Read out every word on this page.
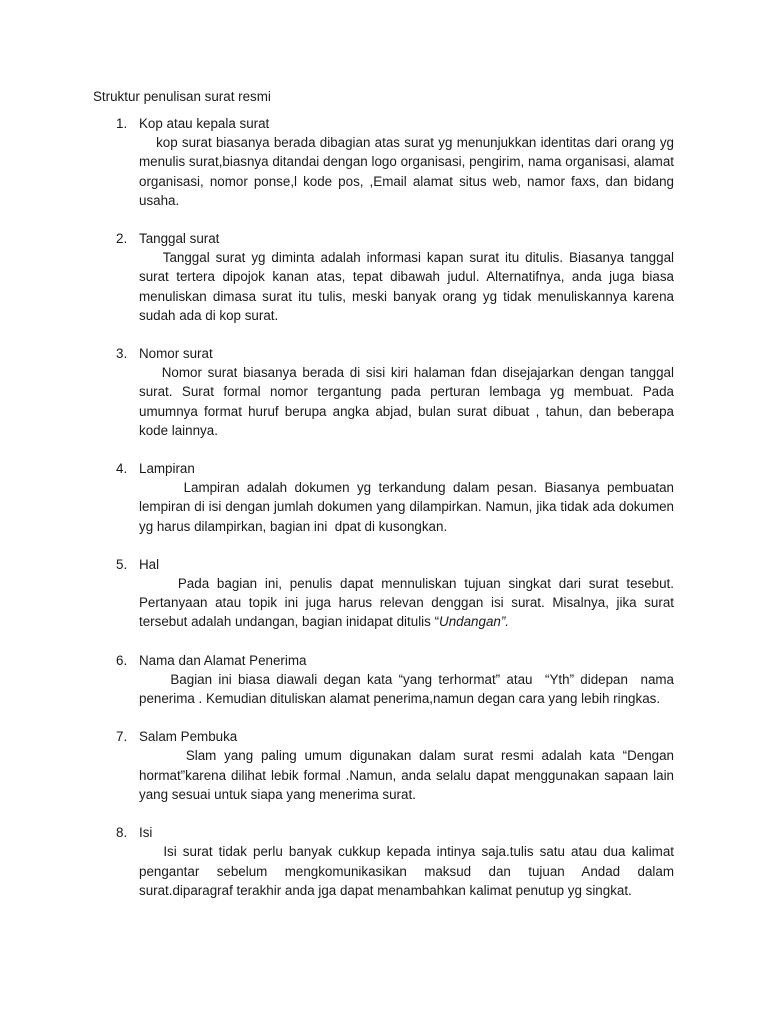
Struktur penulisan surat resmi
1. Kop atau kepala surat
kop surat biasanya berada dibagian atas surat yg menunjukkan identitas dari orang yg menulis surat,biasnya ditandai dengan logo organisasi, pengirim, nama organisasi, alamat organisasi, nomor ponse,l kode pos, ,Email alamat situs web, namor faxs, dan bidang usaha.
2. Tanggal surat
Tanggal surat yg diminta adalah informasi kapan surat itu ditulis. Biasanya tanggal surat tertera dipojok kanan atas, tepat dibawah judul. Alternatifnya, anda juga biasa menuliskan dimasa surat itu tulis, meski banyak orang yg tidak menuliskannya karena sudah ada di kop surat.
3. Nomor surat
Nomor surat biasanya berada di sisi kiri halaman fdan disejajarkan dengan tanggal surat. Surat formal nomor tergantung pada perturan lembaga yg membuat. Pada umumnya format huruf berupa angka abjad, bulan surat dibuat , tahun, dan beberapa kode lainnya.
4. Lampiran
Lampiran adalah dokumen yg terkandung dalam pesan. Biasanya pembuatan lempiran di isi dengan jumlah dokumen yang dilampirkan. Namun, jika tidak ada dokumen yg harus dilampirkan, bagian ini  dpat di kusongkan.
5. Hal
Pada bagian ini, penulis dapat mennuliskan tujuan singkat dari surat tesebut. Pertanyaan atau topik ini juga harus relevan denggan isi surat. Misalnya, jika surat tersebut adalah undangan, bagian inidapat ditulis “Undangan”.
6. Nama dan Alamat Penerima
Bagian ini biasa diawali degan kata “yang terhormat” atau  “Yth” didepan  nama penerima . Kemudian dituliskan alamat penerima,namun degan cara yang lebih ringkas.
7. Salam Pembuka
Slam yang paling umum digunakan dalam surat resmi adalah kata “Dengan hormat”karena dilihat lebik formal .Namun, anda selalu dapat menggunakan sapaan lain yang sesuai untuk siapa yang menerima surat.
8. Isi
Isi surat tidak perlu banyak cukkup kepada intinya saja.tulis satu atau dua kalimat pengantar sebelum mengkomunikasikan maksud dan tujuan Andad dalam surat.diparagraf terakhir anda jga dapat menambahkan kalimat penutup yg singkat.
